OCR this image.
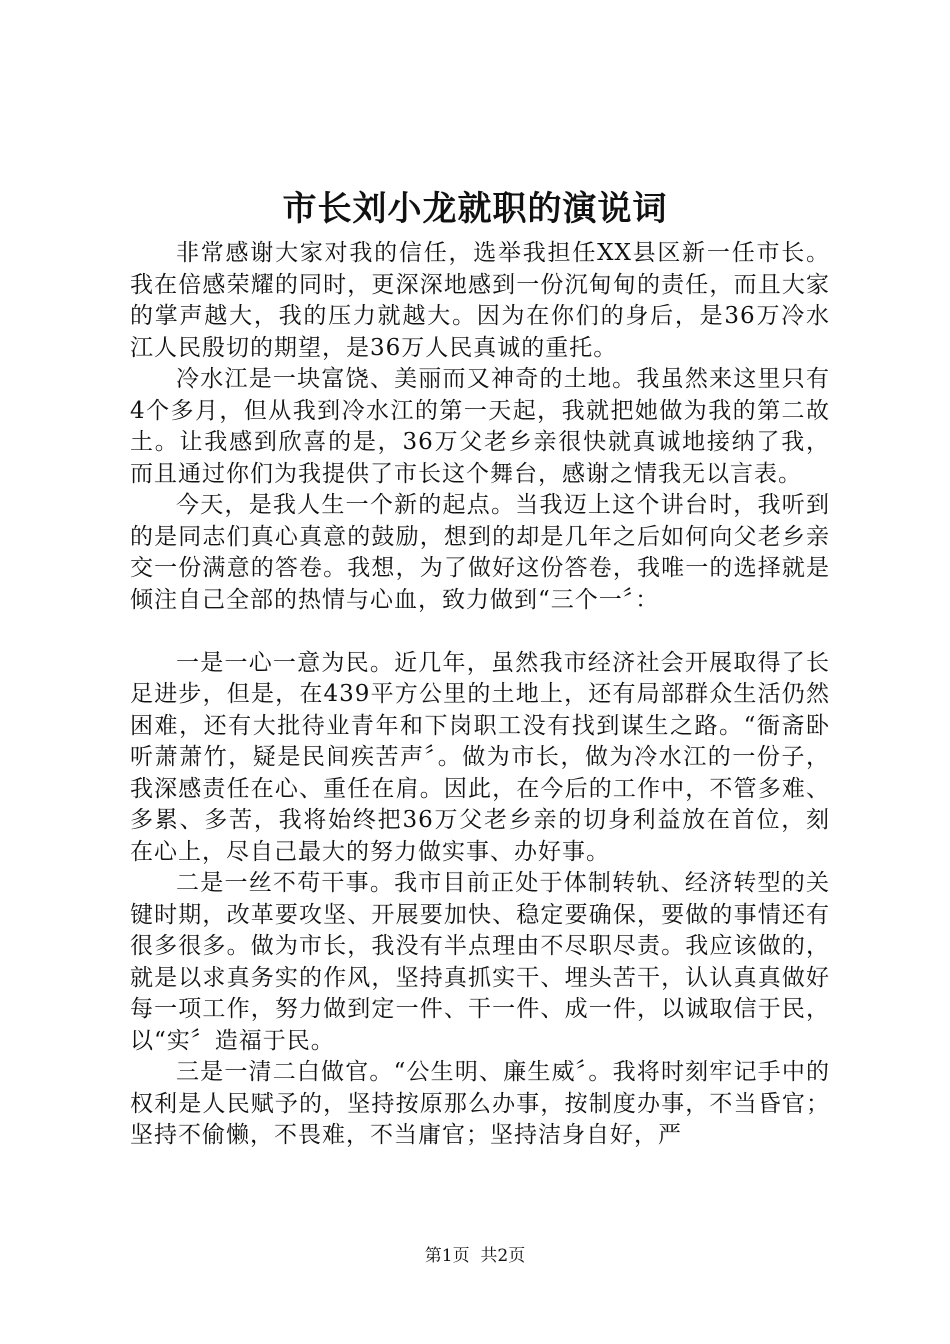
市长刘小龙就职的演说词

非常感谢大家对我的信任，选举我担任XX县区新一任市长。我在倍感荣耀的同时，更深深地感到一份沉甸甸的责任，而且大家的掌声越大，我的压力就越大。因为在你们的身后，是36万冷水江人民殷切的期望，是36万人民真诚的重托。

冷水江是一块富饶、美丽而又神奇的土地。我虽然来这里只有4个多月，但从我到冷水江的第一天起，我就把她做为我的第二故土。让我感到欣喜的是，36万父老乡亲很快就真诚地接纳了我，而且通过你们为我提供了市长这个舞台，感谢之情我无以言表。

今天，是我人生一个新的起点。当我迈上这个讲台时，我听到的是同志们真心真意的鼓励，想到的却是几年之后如何向父老乡亲交一份满意的答卷。我想，为了做好这份答卷，我唯一的选择就是倾注自己全部的热情与心血，致力做到“三个一〞：

一是一心一意为民。近几年，虽然我市经济社会开展取得了长足进步，但是，在439平方公里的土地上，还有局部群众生活仍然困难，还有大批待业青年和下岗职工没有找到谋生之路。“衙斋卧听萧萧竹，疑是民间疾苦声〞。做为市长，做为冷水江的一份子，我深感责任在心、重任在肩。因此，在今后的工作中，不管多难、多累、多苦，我将始终把36万父老乡亲的切身利益放在首位，刻在心上，尽自己最大的努力做实事、办好事。

二是一丝不苟干事。我市目前正处于体制转轨、经济转型的关键时期，改革要攻坚、开展要加快、稳定要确保，要做的事情还有很多很多。做为市长，我没有半点理由不尽职尽责。我应该做的，就是以求真务实的作风，坚持真抓实干、埋头苦干，认认真真做好每一项工作，努力做到定一件、干一件、成一件，以诚取信于民，以“实〞造福于民。

三是一清二白做官。“公生明、廉生威〞。我将时刻牢记手中的权利是人民赋予的，坚持按原那么办事，按制度办事，不当昏官；坚持不偷懒，不畏难，不当庸官；坚持洁身自好，严

第1页 共2页
